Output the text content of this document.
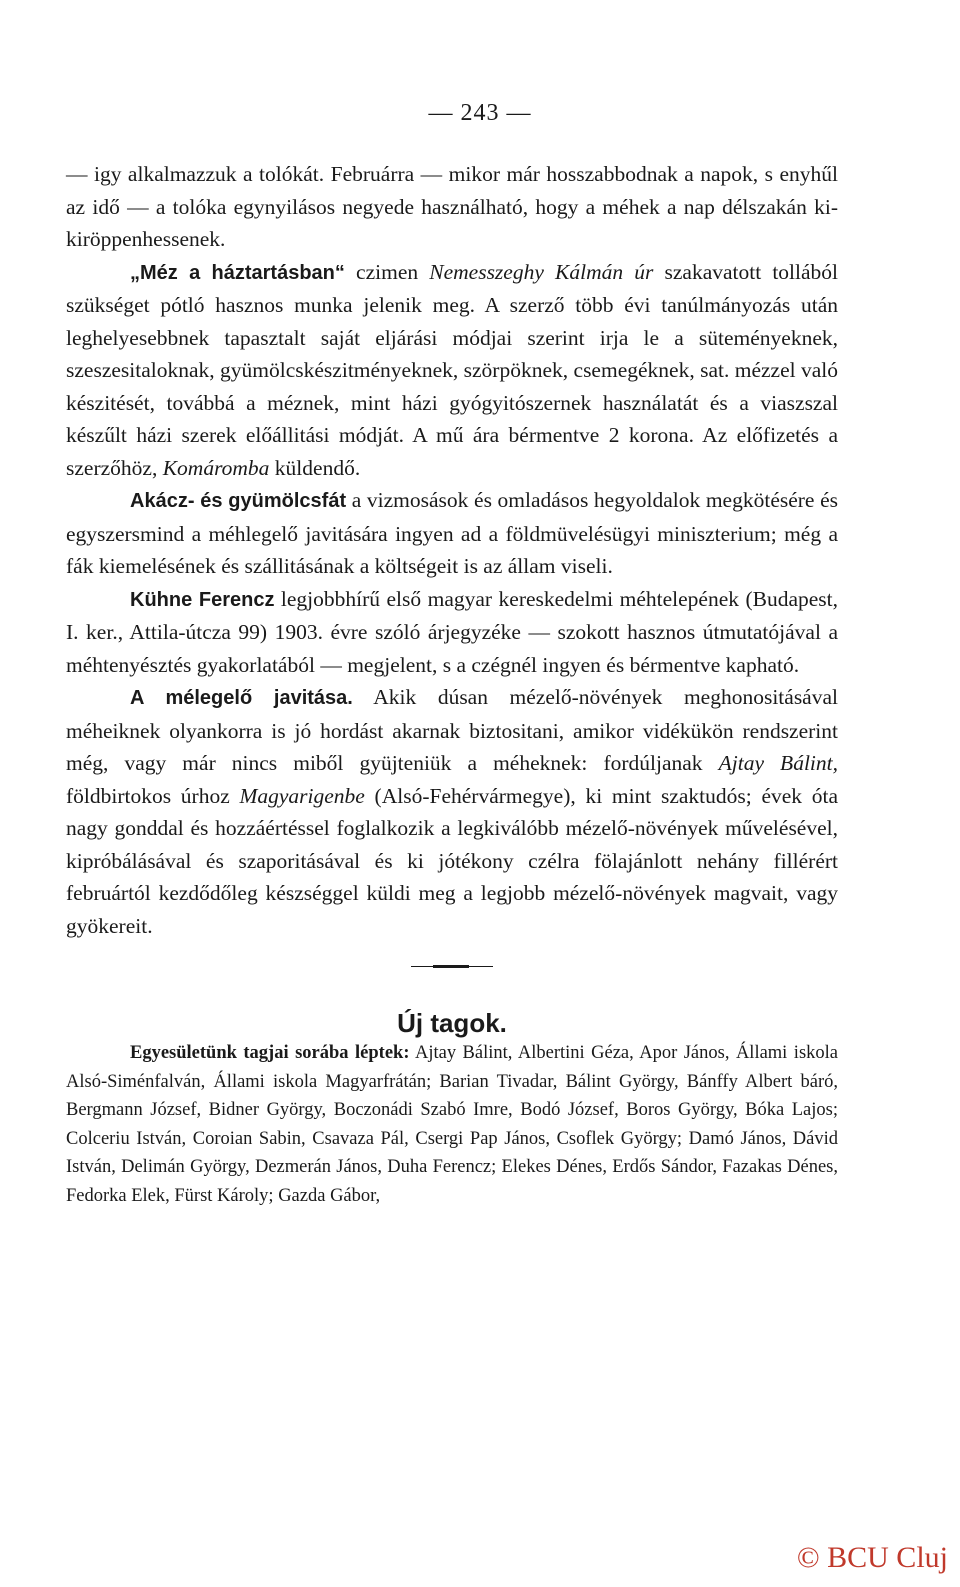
— 243 —

— igy alkalmazzuk a tolókát. Februárra — mikor már hosszabbodnak a napok, s enyhűl az idő — a tolóka egynyilásos negyede használható, hogy a méhek a nap délszakán ki-kiröppenhessenek.

„Méz a háztartásban“ czimen Nemesszeghy Kálmán úr szakavatott tollából szükséget pótló hasznos munka jelenik meg. A szerző több évi tanúlmányozás után leghelyesebbnek tapasztalt saját eljárási módjai szerint irja le a süteményeknek, szeszesitaloknak, gyümölcskészitményeknek, szörpöknek, csemegéknek, sat. mézzel való készitését, továbbá a méznek, mint házi gyógyitószernek használatát és a viaszszal készűlt házi szerek előállitási módját. A mű ára bérmentve 2 korona. Az előfizetés a szerzőhöz, Komáromba küldendő.

Akácz- és gyümölcsfát a vizmosások és omladásos hegyoldalok megkötésére és egyszersmind a méhlegelő javitására ingyen ad a földmüvelésügyi miniszterium; még a fák kiemelésének és szállitásának a költségeit is az állam viseli.

Kühne Ferencz legjobbhírű első magyar kereskedelmi méhtelepének (Budapest, I. ker., Attila-útcza 99) 1903. évre szóló árjegyzéke — szokott hasznos útmutatójával a méhtenyésztés gyakorlatából — megjelent, s a czégnél ingyen és bérmentve kapható.

A mélegelő javitása. Akik dúsan mézelő-növények meghonositásával méheiknek olyankorra is jó hordást akarnak biztositani, amikor vidékükön rendszerint még, vagy már nincs miből gyüjteniük a méheknek: fordúljanak Ajtay Bálint, földbirtokos úrhoz Magyarigenbe (Alsó-Fehérvármegye), ki mint szaktudós; évek óta nagy gonddal és hozzáértéssel foglalkozik a legkiválóbb mézelő-növények művelésével, kipróbálásával és szaporitásával és ki jótékony czélra fölajánlott nehány fillérért februártól kezdődőleg készséggel küldi meg a legjobb mézelő-növények magvait, vagy gyökereit.

Új tagok.

Egyesületünk tagjai sorába léptek: Ajtay Bálint, Albertini Géza, Apor János, Állami iskola Alsó-Siménfalván, Állami iskola Magyarfrátán; Barian Tivadar, Bálint György, Bánffy Albert báró, Bergmann József, Bidner György, Boczonádi Szabó Imre, Bodó József, Boros György, Bóka Lajos; Colceriu István, Coroian Sabin, Csavaza Pál, Csergi Pap János, Csoflek György; Damó János, Dávid István, Delimán György, Dezmerán János, Duha Ferencz; Elekes Dénes, Erdős Sándor, Fazakas Dénes, Fedorka Elek, Fürst Károly; Gazda Gábor,

© BCU Cluj
